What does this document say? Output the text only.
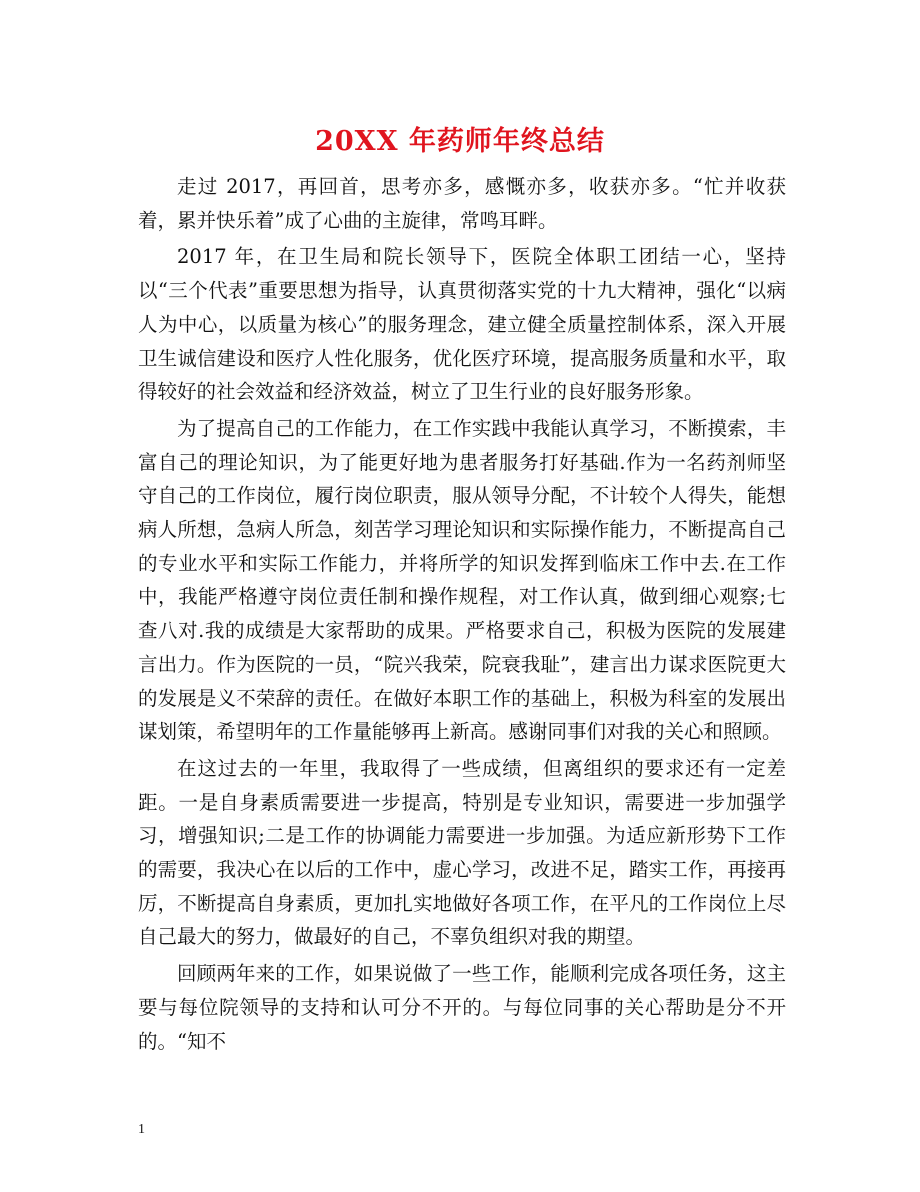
20XX 年药师年终总结

走过 2017，再回首，思考亦多，感慨亦多，收获亦多。“忙并收获着，累并快乐着”成了心曲的主旋律，常鸣耳畔。

2017 年，在卫生局和院长领导下，医院全体职工团结一心，坚持以“三个代表”重要思想为指导，认真贯彻落实党的十九大精神，强化“以病人为中心，以质量为核心”的服务理念，建立健全质量控制体系，深入开展卫生诚信建设和医疗人性化服务，优化医疗环境，提高服务质量和水平，取得较好的社会效益和经济效益，树立了卫生行业的良好服务形象。

为了提高自己的工作能力，在工作实践中我能认真学习，不断摸索，丰富自己的理论知识，为了能更好地为患者服务打好基础.作为一名药剂师坚守自己的工作岗位，履行岗位职责，服从领导分配，不计较个人得失，能想病人所想，急病人所急，刻苦学习理论知识和实际操作能力，不断提高自己的专业水平和实际工作能力，并将所学的知识发挥到临床工作中去.在工作中，我能严格遵守岗位责任制和操作规程，对工作认真，做到细心观察;七查八对.我的成绩是大家帮助的成果。严格要求自己，积极为医院的发展建言出力。作为医院的一员，“院兴我荣，院衰我耻”，建言出力谋求医院更大的发展是义不荣辞的责任。在做好本职工作的基础上，积极为科室的发展出谋划策，希望明年的工作量能够再上新高。感谢同事们对我的关心和照顾。

在这过去的一年里，我取得了一些成绩，但离组织的要求还有一定差距。一是自身素质需要进一步提高，特别是专业知识，需要进一步加强学习，增强知识;二是工作的协调能力需要进一步加强。为适应新形势下工作的需要，我决心在以后的工作中，虚心学习，改进不足，踏实工作，再接再厉，不断提高自身素质，更加扎实地做好各项工作，在平凡的工作岗位上尽自己最大的努力，做最好的自己，不辜负组织对我的期望。

回顾两年来的工作，如果说做了一些工作，能顺利完成各项任务，这主要与每位院领导的支持和认可分不开的。与每位同事的关心帮助是分不开的。“知不

1
